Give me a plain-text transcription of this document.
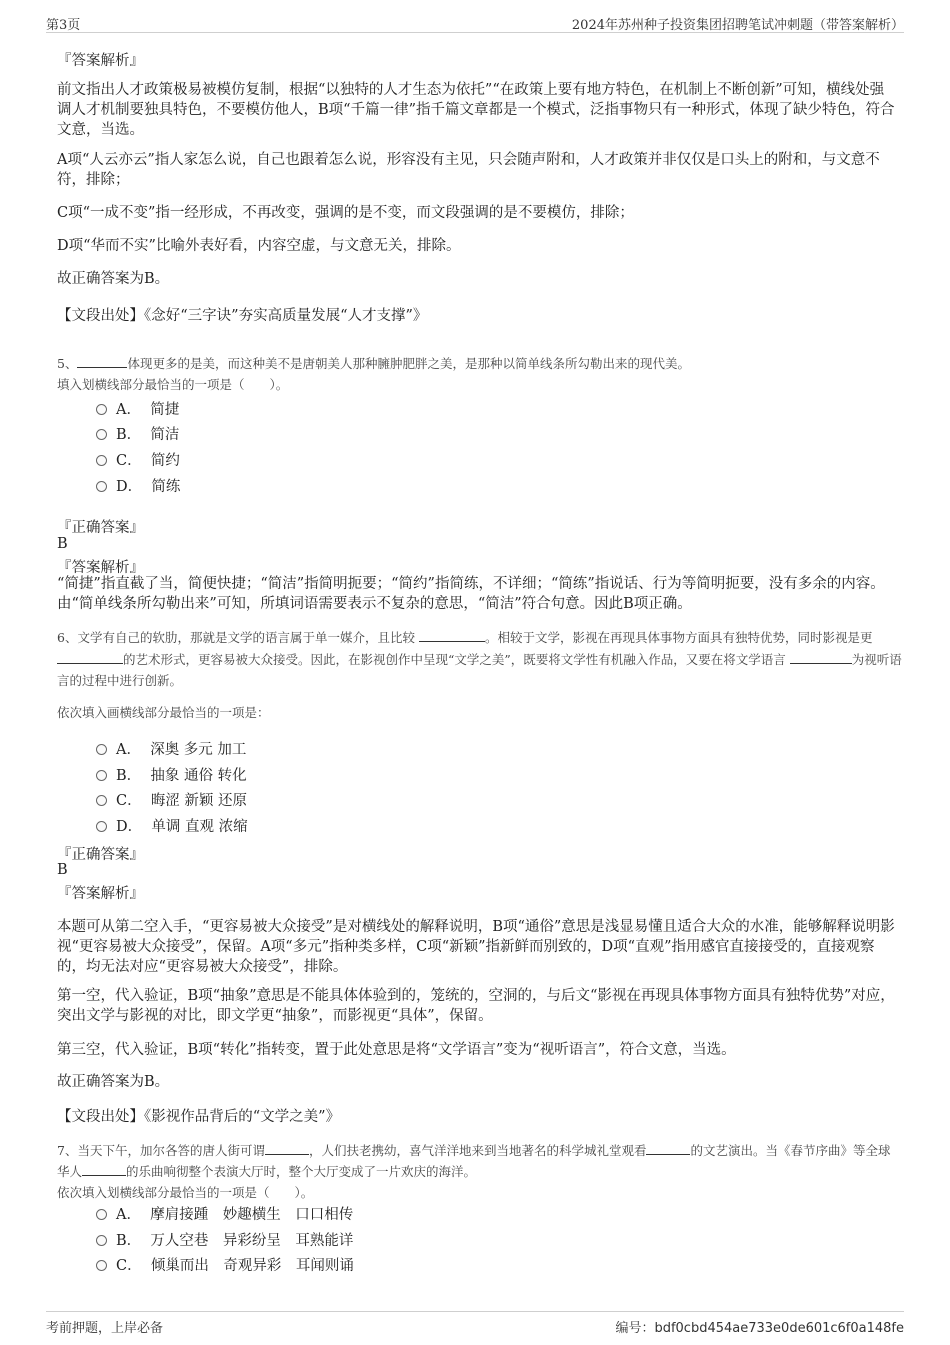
第3页	2024年苏州种子投资集团招聘笔试冲刺题（带答案解析）
『答案解析』

前文指出人才政策极易被模仿复制，根据“以独特的人才生态为依托”“在政策上要有地方特色，在机制上不断创新”可知，横线处强调人才机制要独具特色，不要模仿他人，B项“千篇一律”指千篇文章都是一个模式，泛指事物只有一种形式，体现了缺少特色，符合文意，当选。

A项“人云亦云”指人家怎么说，自己也跟着怎么说，形容没有主见，只会随声附和，人才政策并非仅仅是口头上的附和，与文意不符，排除；

C项“一成不变”指一经形成，不再改变，强调的是不变，而文段强调的是不要模仿，排除；

D项“华而不实”比喻外表好看，内容空虚，与文意无关，排除。

故正确答案为B。

【文段出处】《念好“三字诀”夯实高质量发展“人才支撑”》

5、	体现更多的是美，而这种美不是唐朝美人那种臃肿肥胖之美，是那种以简单线条所勾勒出来的现代美。
填入划横线部分最恰当的一项是（　　）。

A． 简捷
B． 简洁
C． 简约
D． 简练
『正确答案』
B
『答案解析』

“简捷”指直截了当，简便快捷；“简洁”指简明扼要；“简约”指简练，不详细；“简练”指说话、行为等简明扼要，没有多余的内容。由“简单线条所勾勒出来”可知，所填词语需要表示不复杂的意思，“简洁”符合句意。因此B项正确。

6、文学有自己的软肋，那就是文学的语言属于单一媒介，且比较	。相较于文学，影视在再现具体事物方面具有独特优势，同时影视是更 的艺术形式，更容易被大众接受。因此，在影视创作中呈现“文学之美”，既要将文学性有机融入作品，又要在将文学语言	为视听语言的过程中进行创新。

依次填入画横线部分最恰当的一项是：
A． 深奥 多元 加工
B． 抽象 通俗 转化
C． 晦涩 新颖 还原
D． 单调 直观 浓缩
『正确答案』
B
『答案解析』

本题可从第二空入手，“更容易被大众接受”是对横线处的解释说明，B项“通俗”意思是浅显易懂且适合大众的水准，能够解释说明影视“更容易被大众接受”，保留。A项“多元”指种类多样，C项“新颖”指新鲜而别致的，D项“直观”指用感官直接接受的，直接观察的，均无法对应“更容易被大众接受”，排除。

第一空，代入验证，B项“抽象”意思是不能具体体验到的，笼统的，空洞的，与后文“影视在再现具体事物方面具有独特优势”对应，突出文学与影视的对比，即文学更“抽象”，而影视更“具体”，保留。

第三空，代入验证，B项“转化”指转变，置于此处意思是将“文学语言”变为“视听语言”，符合文意，当选。

故正确答案为B。

【文段出处】《影视作品背后的“文学之美”》

7、当天下午，加尔各答的唐人街可谓	，人们扶老携幼，喜气洋洋地来到当地著名的科学城礼堂观看	的文艺演出。当《春节序曲》等全球华人	的乐曲响彻整个表演大厅时，整个大厅变成了一片欢庆的海洋。
依次填入划横线部分最恰当的一项是（　　）。

A． 摩肩接踵　妙趣横生　口口相传
B． 万人空巷　异彩纷呈　耳熟能详
C． 倾巢而出　奇观异彩　耳闻则诵
考前押题，上岸必备	编号：bdf0cbd454ae733e0de601c6f0a148fe
